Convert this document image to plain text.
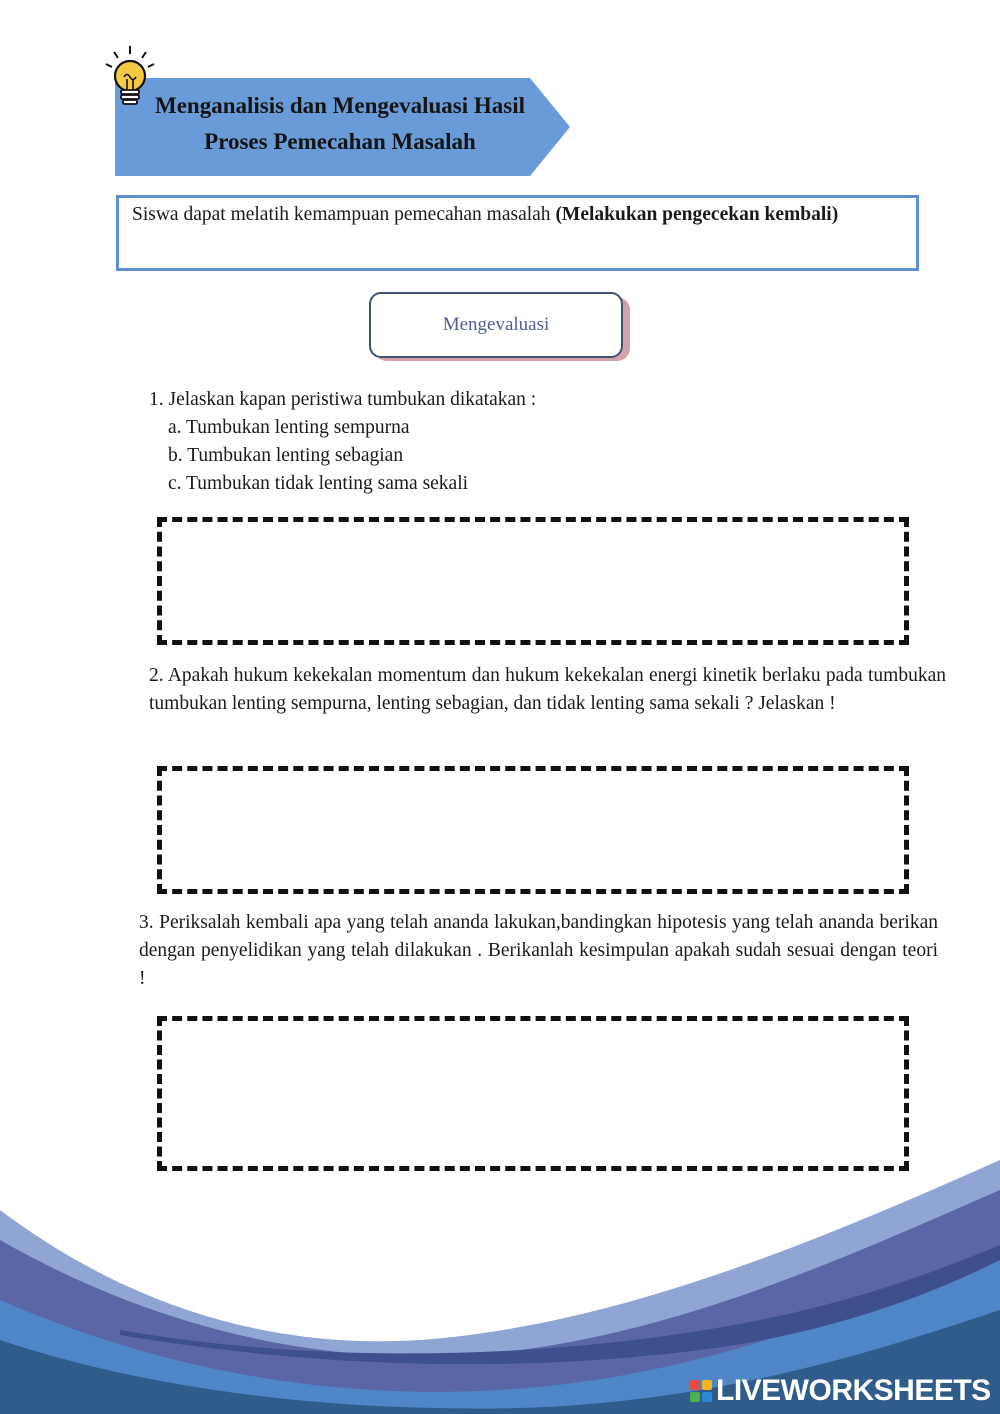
Menganalisis dan Mengevaluasi Hasil
Proses Pemecahan Masalah
Siswa dapat melatih kemampuan pemecahan masalah (Melakukan pengecekan kembali)
Mengevaluasi
1. Jelaskan kapan peristiwa tumbukan dikatakan :
a. Tumbukan lenting sempurna
b. Tumbukan lenting sebagian
c. Tumbukan tidak lenting sama sekali
2. Apakah hukum kekekalan momentum dan hukum kekekalan energi kinetik berlaku pada tumbukan tumbukan lenting sempurna, lenting sebagian, dan tidak lenting sama sekali ? Jelaskan !
3. Periksalah kembali apa yang telah ananda lakukan,bandingkan hipotesis yang telah ananda berikan dengan penyelidikan yang telah dilakukan . Berikanlah kesimpulan apakah sudah sesuai dengan teori !
LIVEWORKSHEETS
